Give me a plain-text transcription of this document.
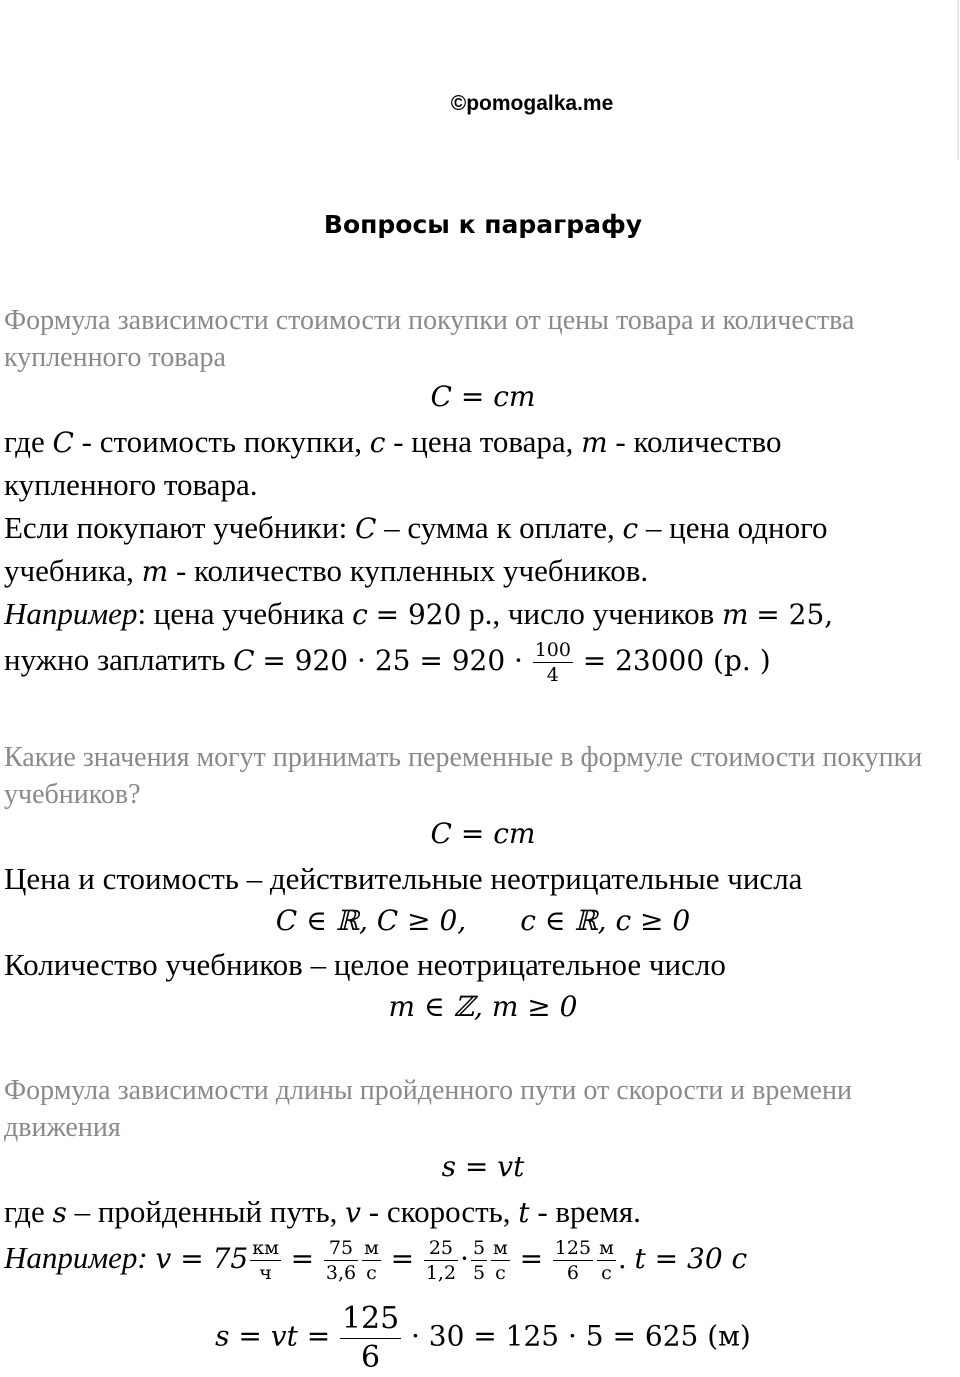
©pomogalka.me
Вопросы к параграфу
Формула зависимости стоимости покупки от цены товара и количества купленного товара
C = cm
где C - стоимость покупки, c - цена товара, m - количество
купленного товара.
Если покупают учебники: C – сумма к оплате, c – цена одного
учебника, m - количество купленных учебников.
Например: цена учебника c = 920 р., число учеников m = 25,
нужно заплатить $C = 920 \cdot 25 = 920 \cdot \frac{100}{4} = 23000$ (р. )
Какие значения могут принимать переменные в формуле стоимости покупки учебников?
C = cm
Цена и стоимость – действительные неотрицательные числа
C ∈ ℝ, C ≥ 0, c ∈ ℝ, c ≥ 0
Количество учебников – целое неотрицательное число
m ∈ ℤ, m ≥ 0
Формула зависимости длины пройденного пути от скорости и времени движения
s = vt
где s – пройденный путь, v - скорость, t - время.
Например: $v = 75 \frac{км}{ч} = \frac{75}{3,6} \frac{м}{с} = \frac{25}{1,2} \cdot \frac{5}{5} \frac{м}{с} = \frac{125}{6} \frac{м}{с}$ . t = 30 с
s = vt = $\frac{125}{6} \cdot 30 = 125 \cdot 5 = 625$ (м)
